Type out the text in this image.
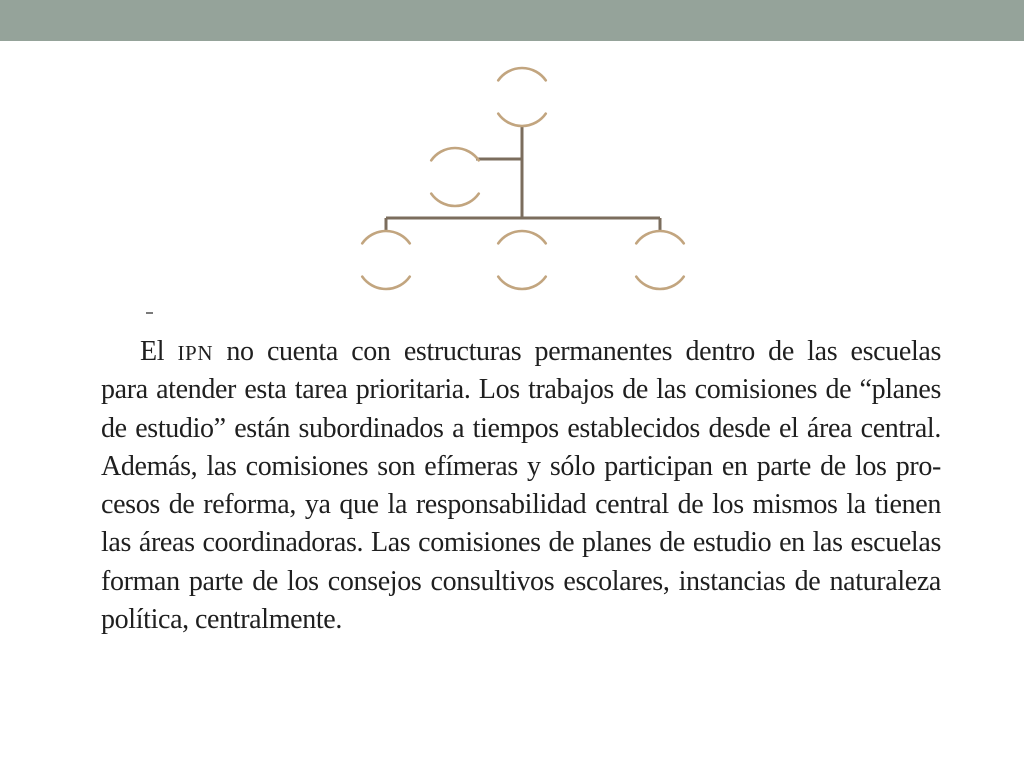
El IPN no cuenta con estructuras permanentes dentro de las escuelas
para atender esta tarea prioritaria. Los trabajos de las comisiones de “planes
de estudio” están subordinados a tiempos establecidos desde el área central.
Además, las comisiones son efímeras y sólo participan en parte de los pro-
cesos de reforma, ya que la responsabilidad central de los mismos la tienen
las áreas coordinadoras. Las comisiones de planes de estudio en las escuelas
forman parte de los consejos consultivos escolares, instancias de naturaleza
política, centralmente.
